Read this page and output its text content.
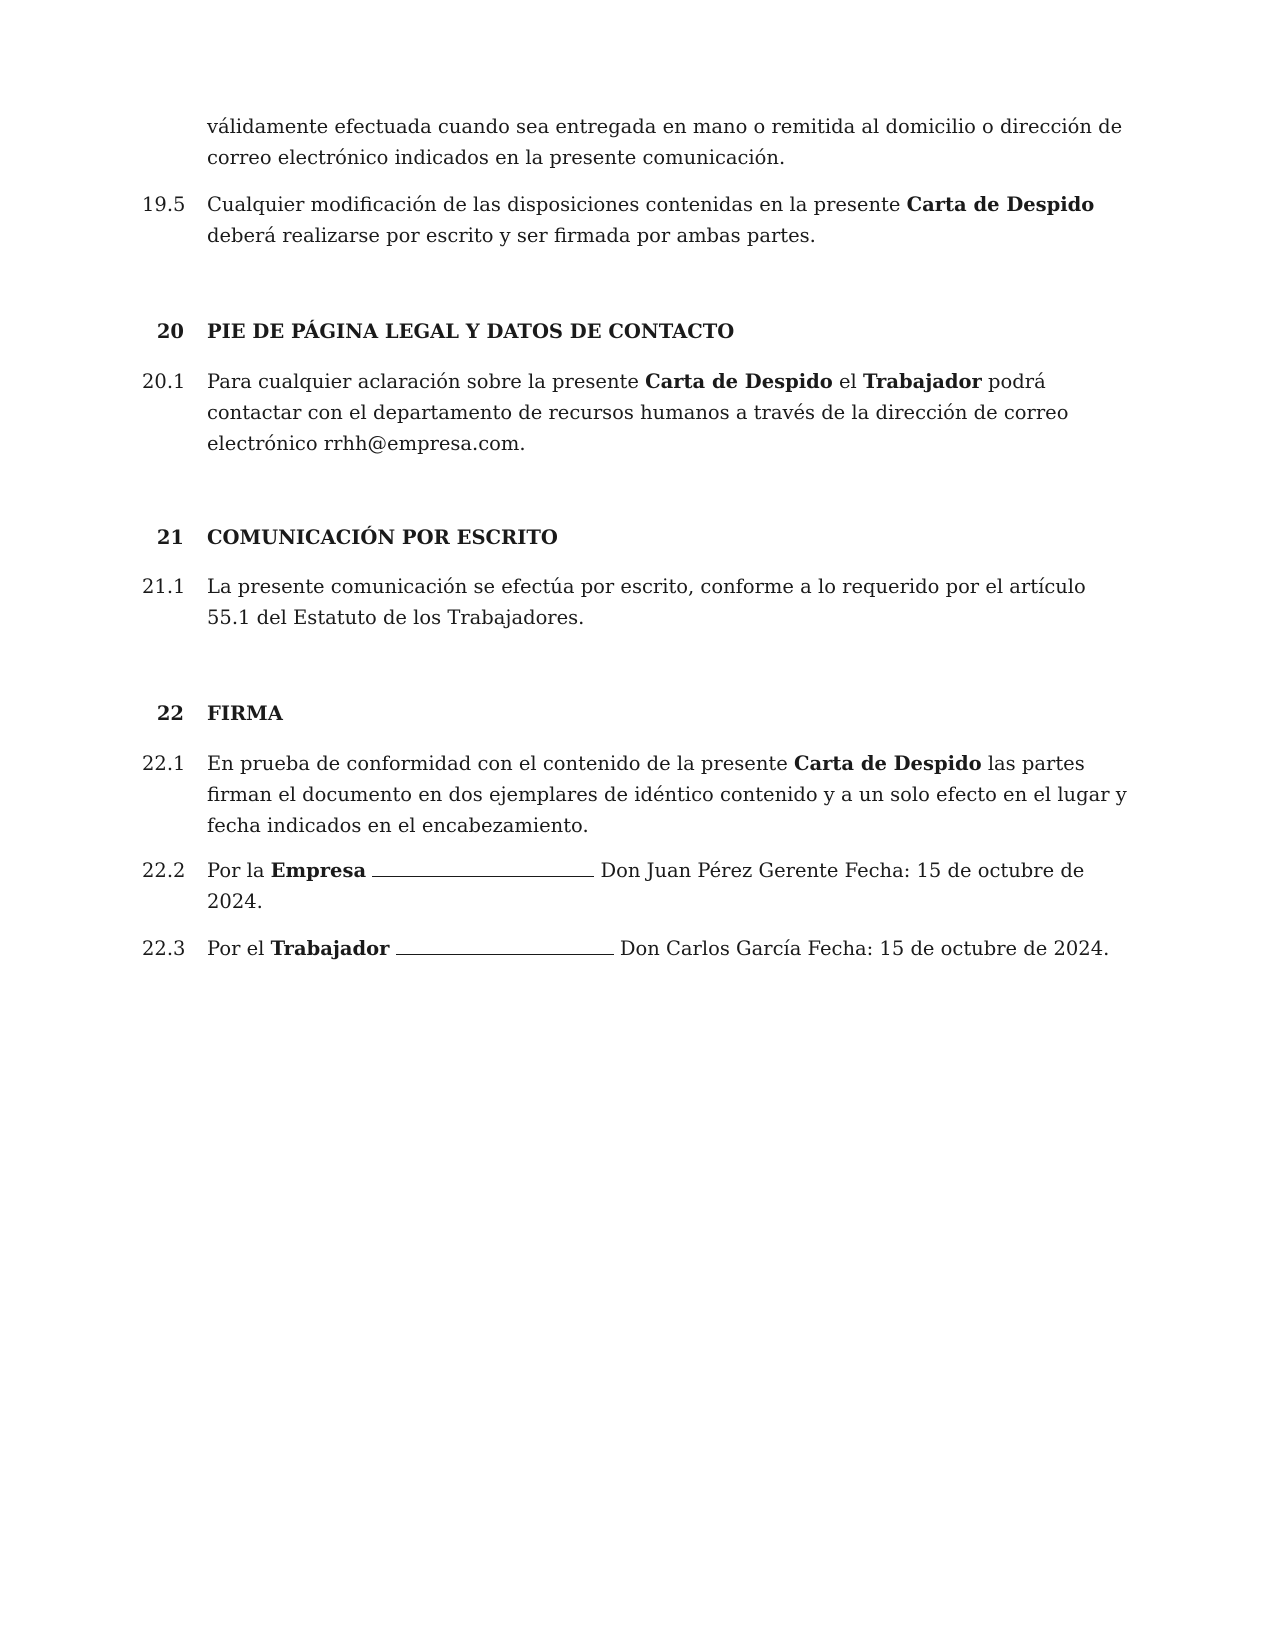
válidamente efectuada cuando sea entregada en mano o remitida al domicilio o dirección de correo electrónico indicados en la presente comunicación.
19.5	Cualquier modificación de las disposiciones contenidas en la presente Carta de Despido deberá realizarse por escrito y ser firmada por ambas partes.
20 PIE DE PÁGINA LEGAL Y DATOS DE CONTACTO
20.1	Para cualquier aclaración sobre la presente Carta de Despido el Trabajador podrá contactar con el departamento de recursos humanos a través de la dirección de correo electrónico rrhh@empresa.com.
21 COMUNICACIÓN POR ESCRITO
21.1	La presente comunicación se efectúa por escrito, conforme a lo requerido por el artículo 55.1 del Estatuto de los Trabajadores.
22 FIRMA
22.1	En prueba de conformidad con el contenido de la presente Carta de Despido las partes firman el documento en dos ejemplares de idéntico contenido y a un solo efecto en el lugar y fecha indicados en el encabezamiento.
22.2	Por la Empresa	Don Juan Pérez Gerente Fecha: 15 de octubre de 2024.
22.3	Por el Trabajador	Don Carlos García Fecha: 15 de octubre de 2024.
